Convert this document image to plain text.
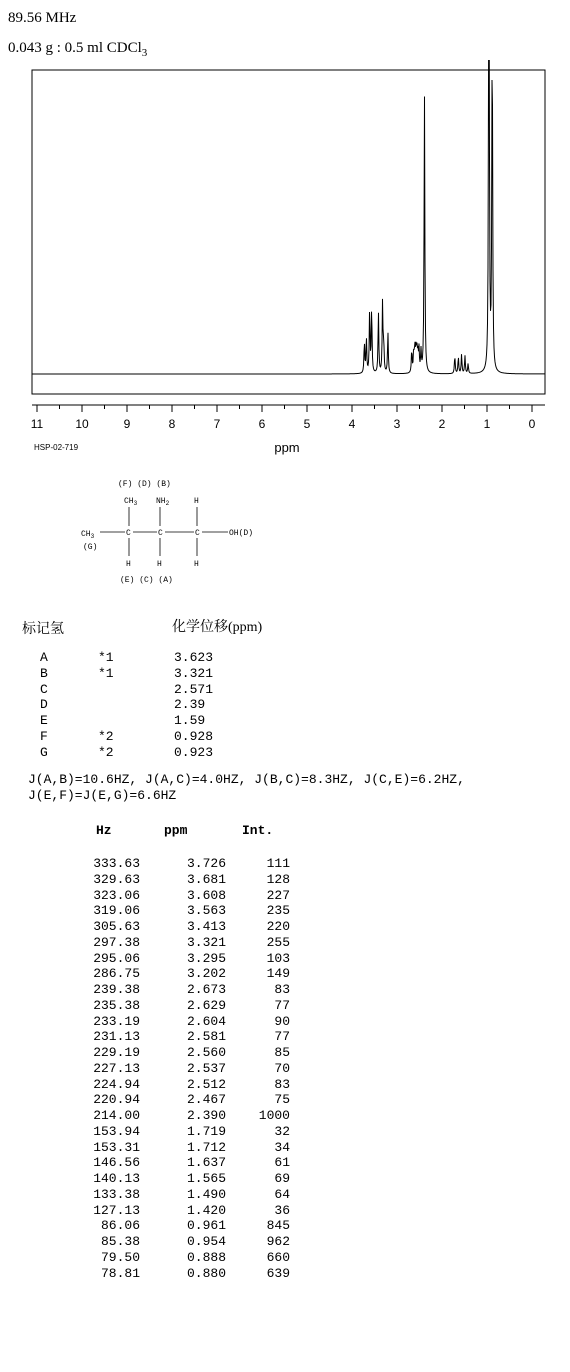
89.56 MHz
0.043 g : 0.5 ml CDCl$_3$
11	10	9	8	7	6	5	4	3	2	1	0
ppm
HSP-02-719
(F) (D) (B)
$CH_3$ $NH_2$	H
$CH_3$	C	C	C	OH(D)
(G)
H	H	H
(E) (C) (A)
标记氢	化学位移(ppm)
A	*1	3.623
B	*1	3.321
C	2.571
D	2.39
E	1.59
F	*2	0.928
G	*2	0.923
J(A,B)=10.6HZ, J(A,C)=4.0HZ, J(B,C)=8.3HZ, J(C,E)=6.2HZ,
J(E,F)=J(E,G)=6.6HZ
Hz	ppm	Int.
333.63	3.726	111
329.63	3.681	128
323.06	3.608	227
319.06	3.563	235
305.63	3.413	220
297.38	3.321	255
295.06	3.295	103
286.75	3.202	149
239.38	2.673	83
235.38	2.629	77
233.19	2.604	90
231.13	2.581	77
229.19	2.560	85
227.13	2.537	70
224.94	2.512	83
220.94	2.467	75
214.00	2.390	1000
153.94	1.719	32
153.31	1.712	34
146.56	1.637	61
140.13	1.565	69
133.38	1.490	64
127.13	1.420	36
86.06	0.961	845
85.38	0.954	962
79.50	0.888	660
78.81	0.880	639
